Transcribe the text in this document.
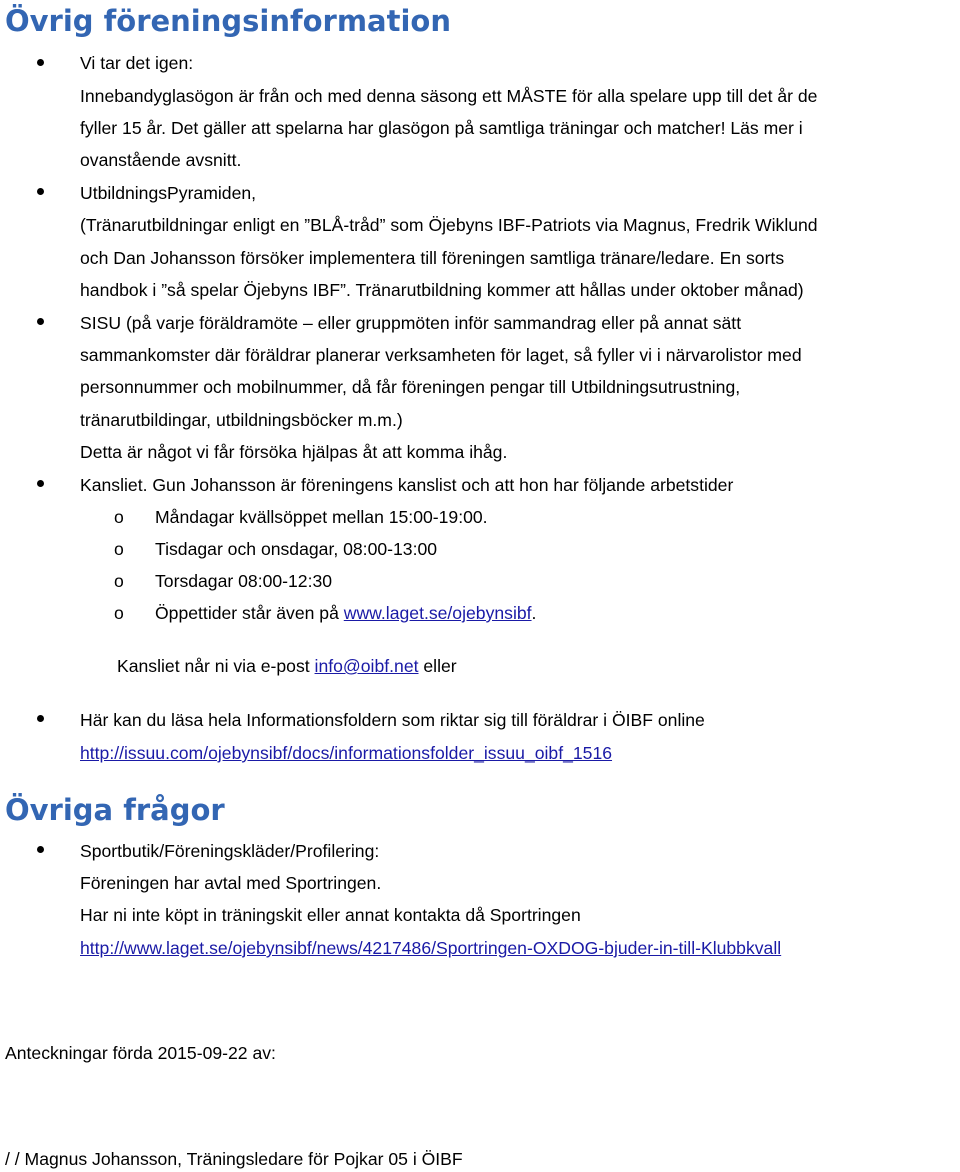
Övrig föreningsinformation
Vi tar det igen:
Innebandyglasögon är från och med denna säsong ett MÅSTE för alla spelare upp till det år de
fyller 15 år. Det gäller att spelarna har glasögon på samtliga träningar och matcher! Läs mer i
ovanstående avsnitt.
UtbildningsPyramiden,
(Tränarutbildningar enligt en ”BLÅ-tråd” som Öjebyns IBF-Patriots via Magnus, Fredrik Wiklund
och Dan Johansson försöker implementera till föreningen samtliga tränare/ledare. En sorts
handbok i ”så spelar Öjebyns IBF”. Tränarutbildning kommer att hållas under oktober månad)
SISU (på varje föräldramöte – eller gruppmöten inför sammandrag eller på annat sätt
sammankomster där föräldrar planerar verksamheten för laget, så fyller vi i närvarolistor med
personnummer och mobilnummer, då får föreningen pengar till Utbildningsutrustning,
tränarutbildingar, utbildningsböcker m.m.)
Detta är något vi får försöka hjälpas åt att komma ihåg.
Kansliet. Gun Johansson är föreningens kanslist och att hon har följande arbetstider
o Måndagar kvällsöppet mellan 15:00-19:00.
o Tisdagar och onsdagar, 08:00-13:00
o Torsdagar 08:00-12:30
o Öppettider står även på www.laget.se/ojebynsibf.
Kansliet når ni via e-post info@oibf.net eller
Här kan du läsa hela Informationsfoldern som riktar sig till föräldrar i ÖIBF online
http://issuu.com/ojebynsibf/docs/informationsfolder_issuu_oibf_1516
Övriga frågor
Sportbutik/Föreningskläder/Profilering:
Föreningen har avtal med Sportringen.
Har ni inte köpt in träningskit eller annat kontakta då Sportringen
http://www.laget.se/ojebynsibf/news/4217486/Sportringen-OXDOG-bjuder-in-till-Klubbkvall
Anteckningar förda 2015-09-22 av:
/ / Magnus Johansson, Träningsledare för Pojkar 05 i ÖIBF
